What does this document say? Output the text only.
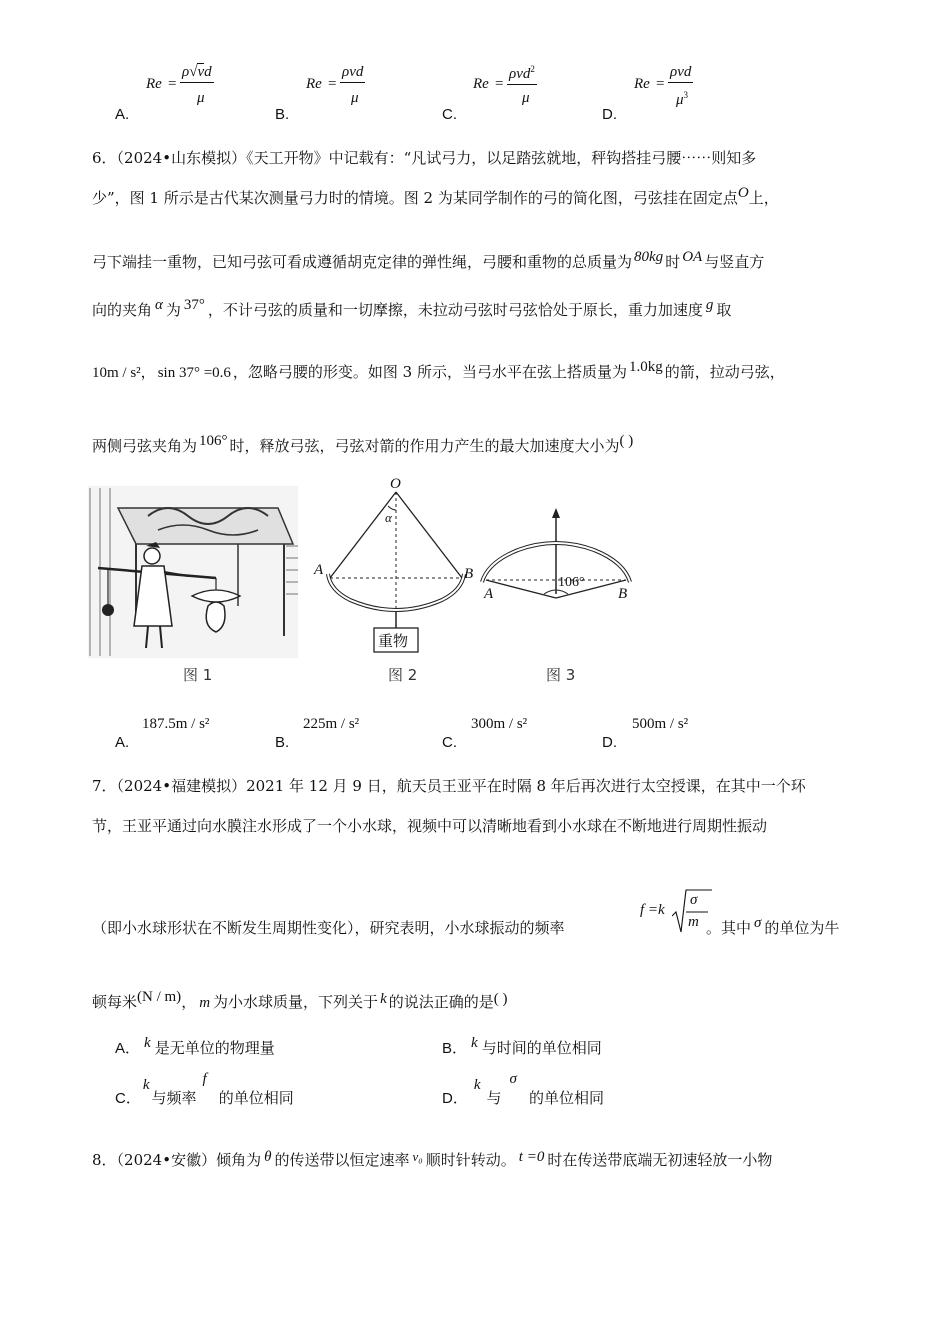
Re =
ρ√vd
μ
A.
Re =
ρvd
μ
B.
Re =
ρvd$^2$
μ
C.
Re =
ρvd
$\mu^3$
D.
6．（2024•山东模拟）《天工开物》中记载有：“凡试弓力，以足踏弦就地，秤钩搭挂弓腰⋯⋯则知多
少”，图 1 所示是古代某次测量弓力时的情境。图 2 为某同学制作的弓的简化图，弓弦挂在固定点O上，
弓下端挂一重物，已知弓弦可看成遵循胡克定律的弹性绳，弓腰和重物的总质量为 80kg 时 OA 与竖直方
向的夹角 α 为 37° ，不计弓弦的质量和一切摩擦，未拉动弓弦时弓弦恰处于原长，重力加速度 g 取
10m / s²， sin 37° =0.6 ，忽略弓腰的形变。如图 3 所示，当弓水平在弦上搭质量为 1.0kg 的箭，拉动弓弦，
两侧弓弦夹角为 106° 时，释放弓弦，弓弦对箭的作用力产生的最大加速度大小为( )
图 1
O
α
A	B
重物
图 2
A	B
106°
图 3
A.
187.5m / s²
B.
225m / s²
C.
300m / s²
D.
500m / s²
7．（2024•福建模拟）2021 年 12 月 9 日，航天员王亚平在时隔 8 年后再次进行太空授课，在其中一个环
节，王亚平通过向水膜注水形成了一个小水球，视频中可以清晰地看到小水球在不断地进行周期性振动
（即小水球形状在不断发生周期性变化），研究表明，小水球振动的频率
f =k
σ
m 。其中 σ 的单位为牛
顿每米(N / m)， m 为小水球质量，下列关于 k 的说法正确的是( )
A． k 是无单位的物理量	B． k 与时间的单位相同
C．k与频率f的单位相同	D．k与σ的单位相同
8．（2024•安徽）倾角为 θ 的传送带以恒定速率 v₀ 顺时针转动。 t =0 时在传送带底端无初速轻放一小物
